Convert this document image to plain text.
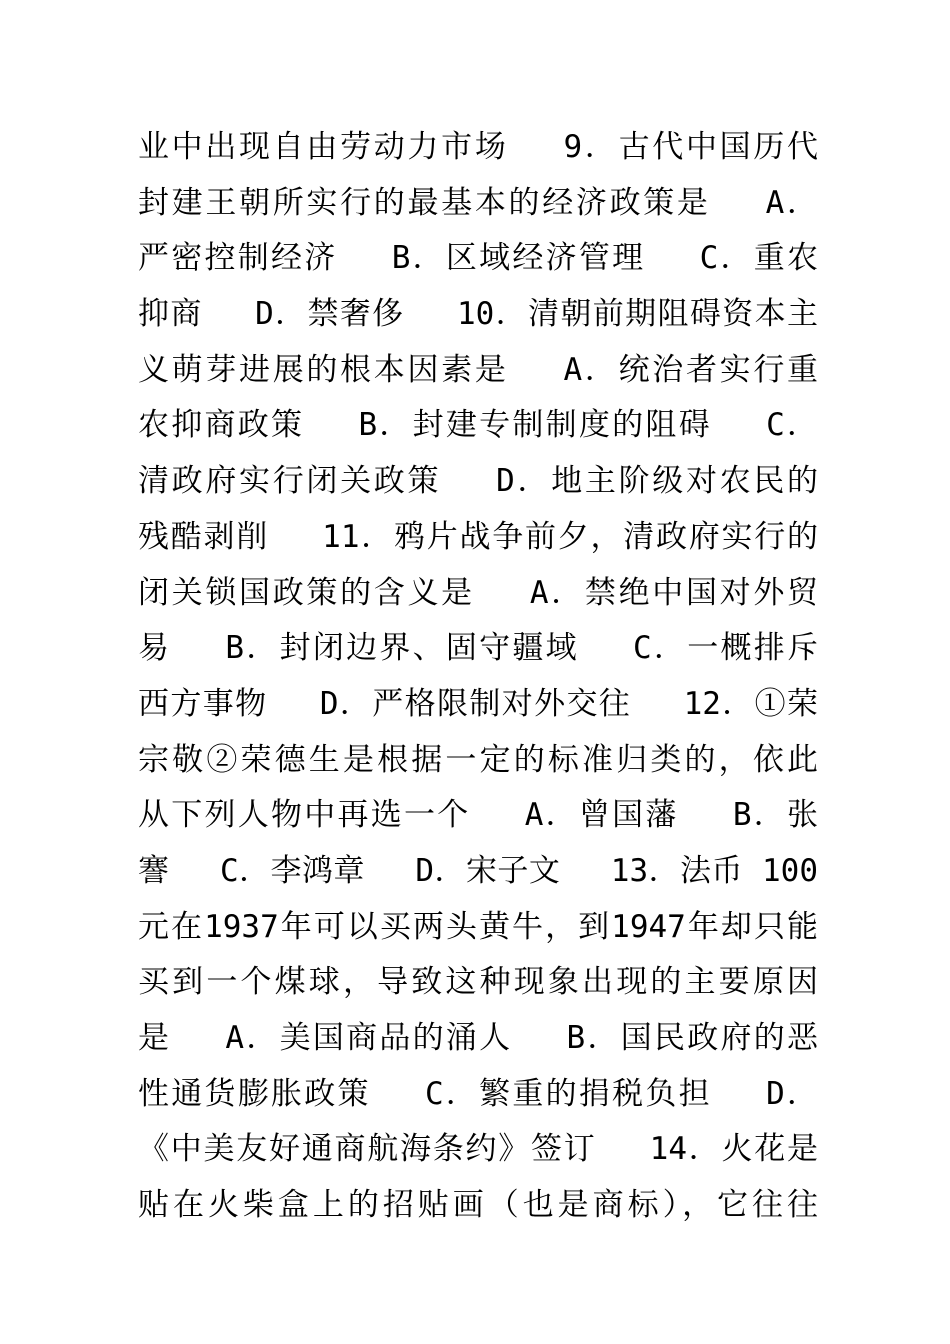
业中出现自由劳动力市场　 9．古代中国历代
封建王朝所实行的最基本的经济政策是　 A．
严密控制经济　 B．区域经济管理　 C．重农
抑商　 D．禁奢侈　 10．清朝前期阻碍资本主
义萌芽进展的根本因素是　 A．统治者实行重
农抑商政策　 B．封建专制制度的阻碍　 C．
清政府实行闭关政策　 D．地主阶级对农民的
残酷剥削　 11．鸦片战争前夕，清政府实行的
闭关锁国政策的含义是　 A．禁绝中国对外贸
易　 B．封闭边界、固守疆域　 C．一概排斥
西方事物　 D．严格限制对外交往　 12．①荣
宗敬②荣德生是根据一定的标准归类的，依此
从下列人物中再选一个　 A．曾国藩　 B．张
謇　 C．李鸿章　 D．宋子文　 13．法币 100
元在1937年可以买两头黄牛，到1947年却只能
买到一个煤球，导致这种现象出现的主要原因
是　 A．美国商品的涌人　 B．国民政府的恶
性通货膨胀政策　 C．繁重的捐税负担　 D．
《中美友好通商航海条约》签订　 14．火花是
贴在火柴盒上的招贴画（也是商标），它往往
